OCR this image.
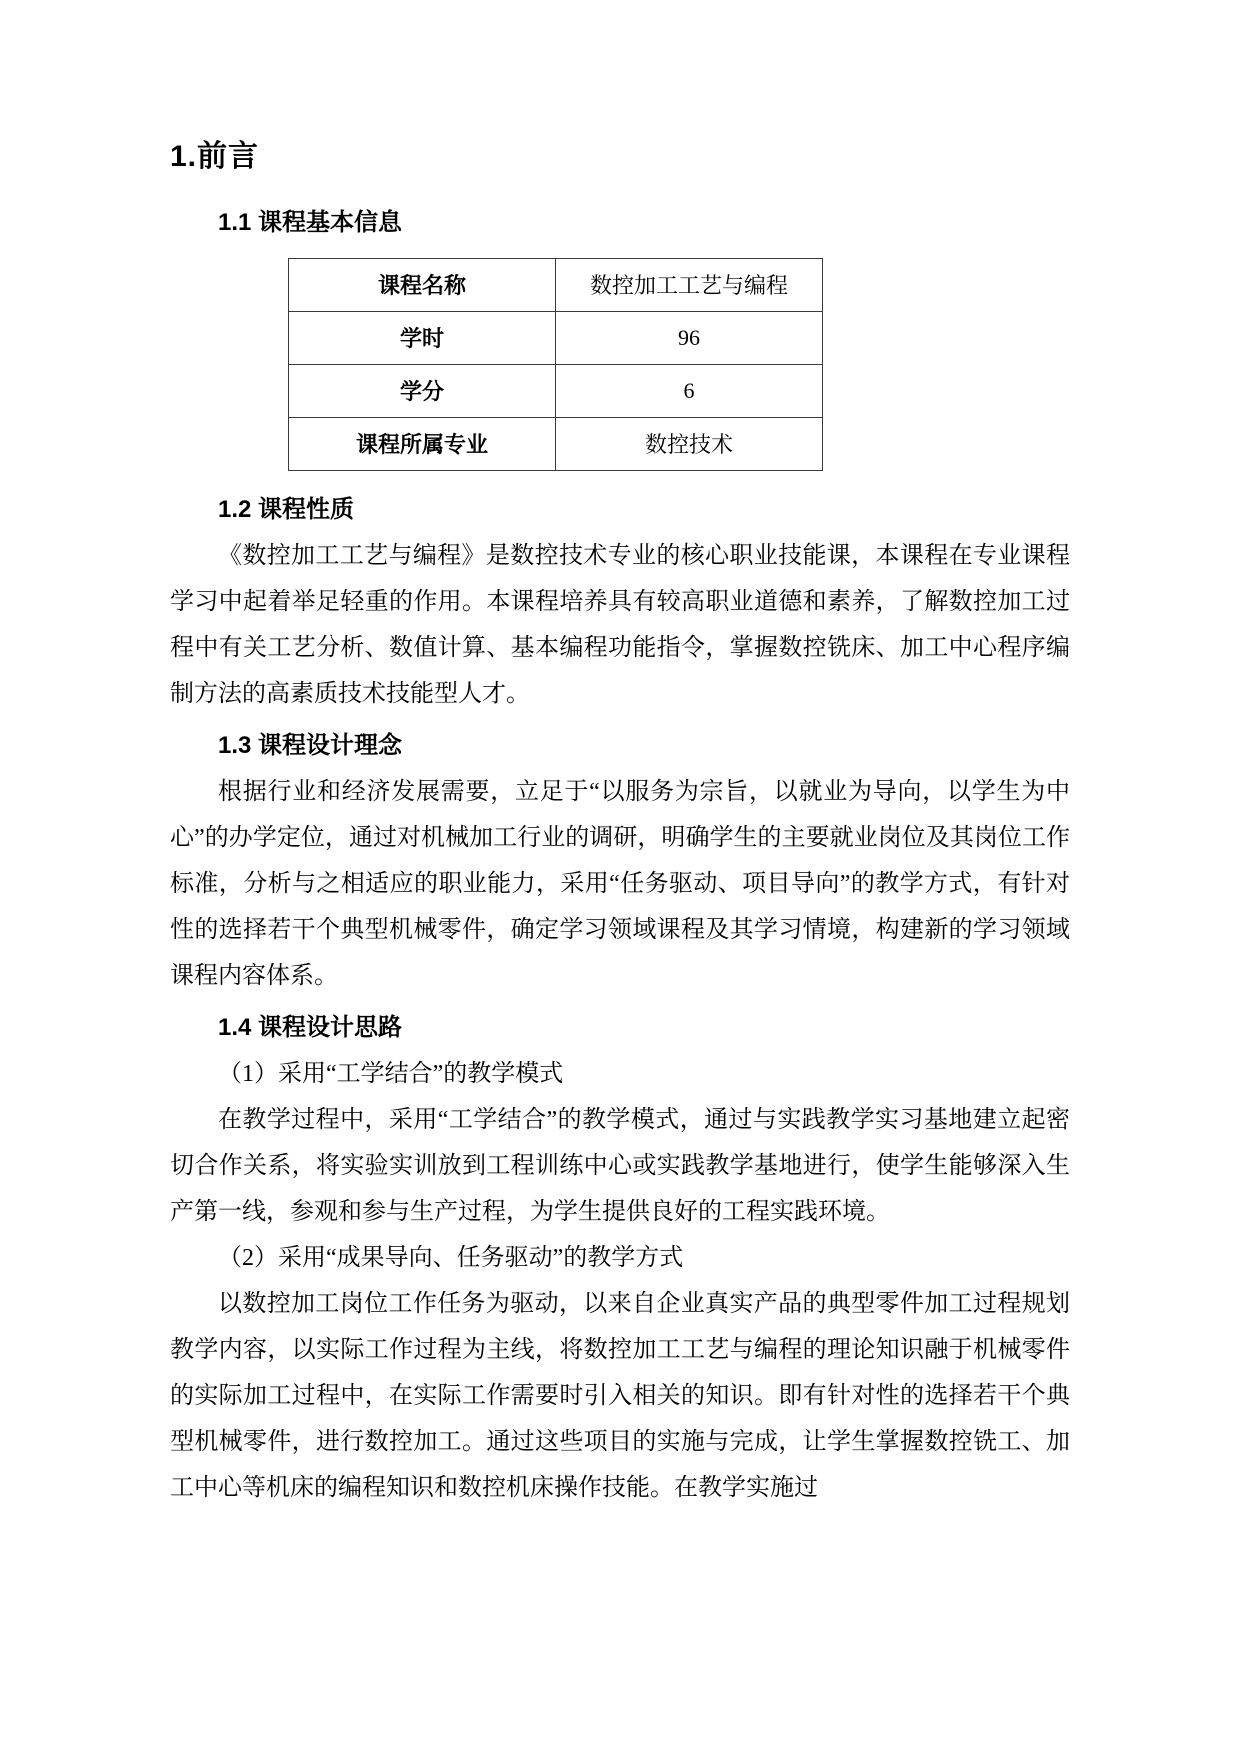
1.前言
1.1 课程基本信息
课程名称	数控加工工艺与编程
学时	96
学分	6
课程所属专业	数控技术
1.2 课程性质

《数控加工工艺与编程》是数控技术专业的核心职业技能课，本课程在专业课程学习中起着举足轻重的作用。本课程培养具有较高职业道德和素养，了解数控加工过程中有关工艺分析、数值计算、基本编程功能指令，掌握数控铣床、加工中心程序编制方法的高素质技术技能型人才。

1.3 课程设计理念

根据行业和经济发展需要，立足于“以服务为宗旨，以就业为导向，以学生为中心”的办学定位，通过对机械加工行业的调研，明确学生的主要就业岗位及其岗位工作标准，分析与之相适应的职业能力，采用“任务驱动、项目导向”的教学方式，有针对性的选择若干个典型机械零件，确定学习领域课程及其学习情境，构建新的学习领域课程内容体系。

1.4 课程设计思路

（1）采用“工学结合”的教学模式

在教学过程中，采用“工学结合”的教学模式，通过与实践教学实习基地建立起密切合作关系，将实验实训放到工程训练中心或实践教学基地进行，使学生能够深入生产第一线，参观和参与生产过程，为学生提供良好的工程实践环境。

（2）采用“成果导向、任务驱动”的教学方式

以数控加工岗位工作任务为驱动，以来自企业真实产品的典型零件加工过程规划教学内容，以实际工作过程为主线，将数控加工工艺与编程的理论知识融于机械零件的实际加工过程中，在实际工作需要时引入相关的知识。即有针对性的选择若干个典型机械零件，进行数控加工。通过这些项目的实施与完成，让学生掌握数控铣工、加工中心等机床的编程知识和数控机床操作技能。在教学实施过
